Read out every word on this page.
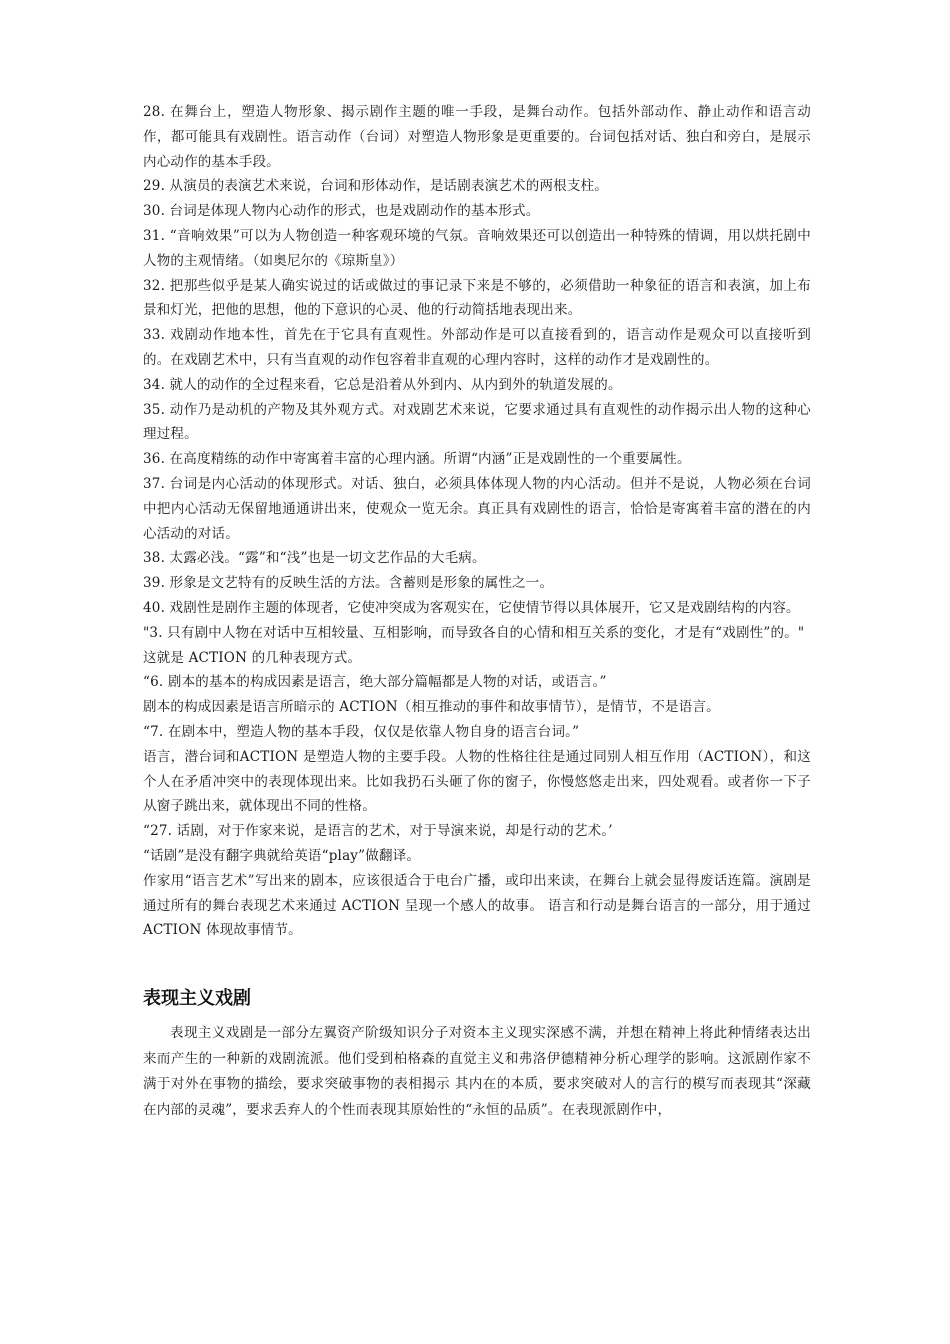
28. 在舞台上，塑造人物形象、揭示剧作主题的唯一手段，是舞台动作。包括外部动作、静止动作和语言动作，都可能具有戏剧性。语言动作（台词）对塑造人物形象是更重要的。台词包括对话、独白和旁白，是展示内心动作的基本手段。

29. 从演员的表演艺术来说，台词和形体动作，是话剧表演艺术的两根支柱。

30. 台词是体现人物内心动作的形式，也是戏剧动作的基本形式。

31. “音响效果”可以为人物创造一种客观环境的气氛。音响效果还可以创造出一种特殊的情调，用以烘托剧中人物的主观情绪。（如奥尼尔的《琼斯皇》）

32. 把那些似乎是某人确实说过的话或做过的事记录下来是不够的，必须借助一种象征的语言和表演，加上布景和灯光，把他的思想，他的下意识的心灵、他的行动简括地表现出来。

33. 戏剧动作地本性，首先在于它具有直观性。外部动作是可以直接看到的，语言动作是观众可以直接听到的。在戏剧艺术中，只有当直观的动作包容着非直观的心理内容时，这样的动作才是戏剧性的。

34. 就人的动作的全过程来看，它总是沿着从外到内、从内到外的轨道发展的。

35. 动作乃是动机的产物及其外观方式。对戏剧艺术来说，它要求通过具有直观性的动作揭示出人物的这种心理过程。

36. 在高度精练的动作中寄寓着丰富的心理内涵。所谓“内涵”正是戏剧性的一个重要属性。

37. 台词是内心活动的体现形式。对话、独白，必须具体体现人物的内心活动。但并不是说，人物必须在台词中把内心活动无保留地通通讲出来，使观众一览无余。真正具有戏剧性的语言，恰恰是寄寓着丰富的潜在的内心活动的对话。

38. 太露必浅。“露”和“浅”也是一切文艺作品的大毛病。

39. 形象是文艺特有的反映生活的方法。含蓄则是形象的属性之一。

40. 戏剧性是剧作主题的体现者，它使冲突成为客观实在，它使情节得以具体展开，它又是戏剧结构的内容。

"3. 只有剧中人物在对话中互相较量、互相影响，而导致各自的心情和相互关系的变化，才是有“戏剧性”的。"

这就是 ACTION 的几种表现方式。

“6. 剧本的基本的构成因素是语言，绝大部分篇幅都是人物的对话，或语言。”

剧本的构成因素是语言所暗示的 ACTION（相互推动的事件和故事情节），是情节，不是语言。

“7. 在剧本中，塑造人物的基本手段，仅仅是依靠人物自身的语言台词。”

语言，潜台词和ACTION 是塑造人物的主要手段。人物的性格往往是通过同别人相互作用（ACTION），和这个人在矛盾冲突中的表现体现出来。比如我扔石头砸了你的窗子，你慢悠悠走出来，四处观看。或者你一下子从窗子跳出来，就体现出不同的性格。

“27. 话剧，对于作家来说，是语言的艺术，对于导演来说，却是行动的艺术。’

“话剧”是没有翻字典就给英语“play”做翻译。

作家用“语言艺术”写出来的剧本，应该很适合于电台广播，或印出来读，在舞台上就会显得废话连篇。演剧是通过所有的舞台表现艺术来通过 ACTION 呈现一个感人的故事。 语言和行动是舞台语言的一部分，用于通过 ACTION 体现故事情节。

表现主义戏剧

表现主义戏剧是一部分左翼资产阶级知识分子对资本主义现实深感不满，并想在精神上将此种情绪表达出来而产生的一种新的戏剧流派。他们受到柏格森的直觉主义和弗洛伊德精神分析心理学的影响。这派剧作家不满于对外在事物的描绘，要求突破事物的表相揭示 其内在的本质，要求突破对人的言行的模写而表现其“深藏在内部的灵魂”，要求丢弃人的个性而表现其原始性的“永恒的品质”。在表现派剧作中，
